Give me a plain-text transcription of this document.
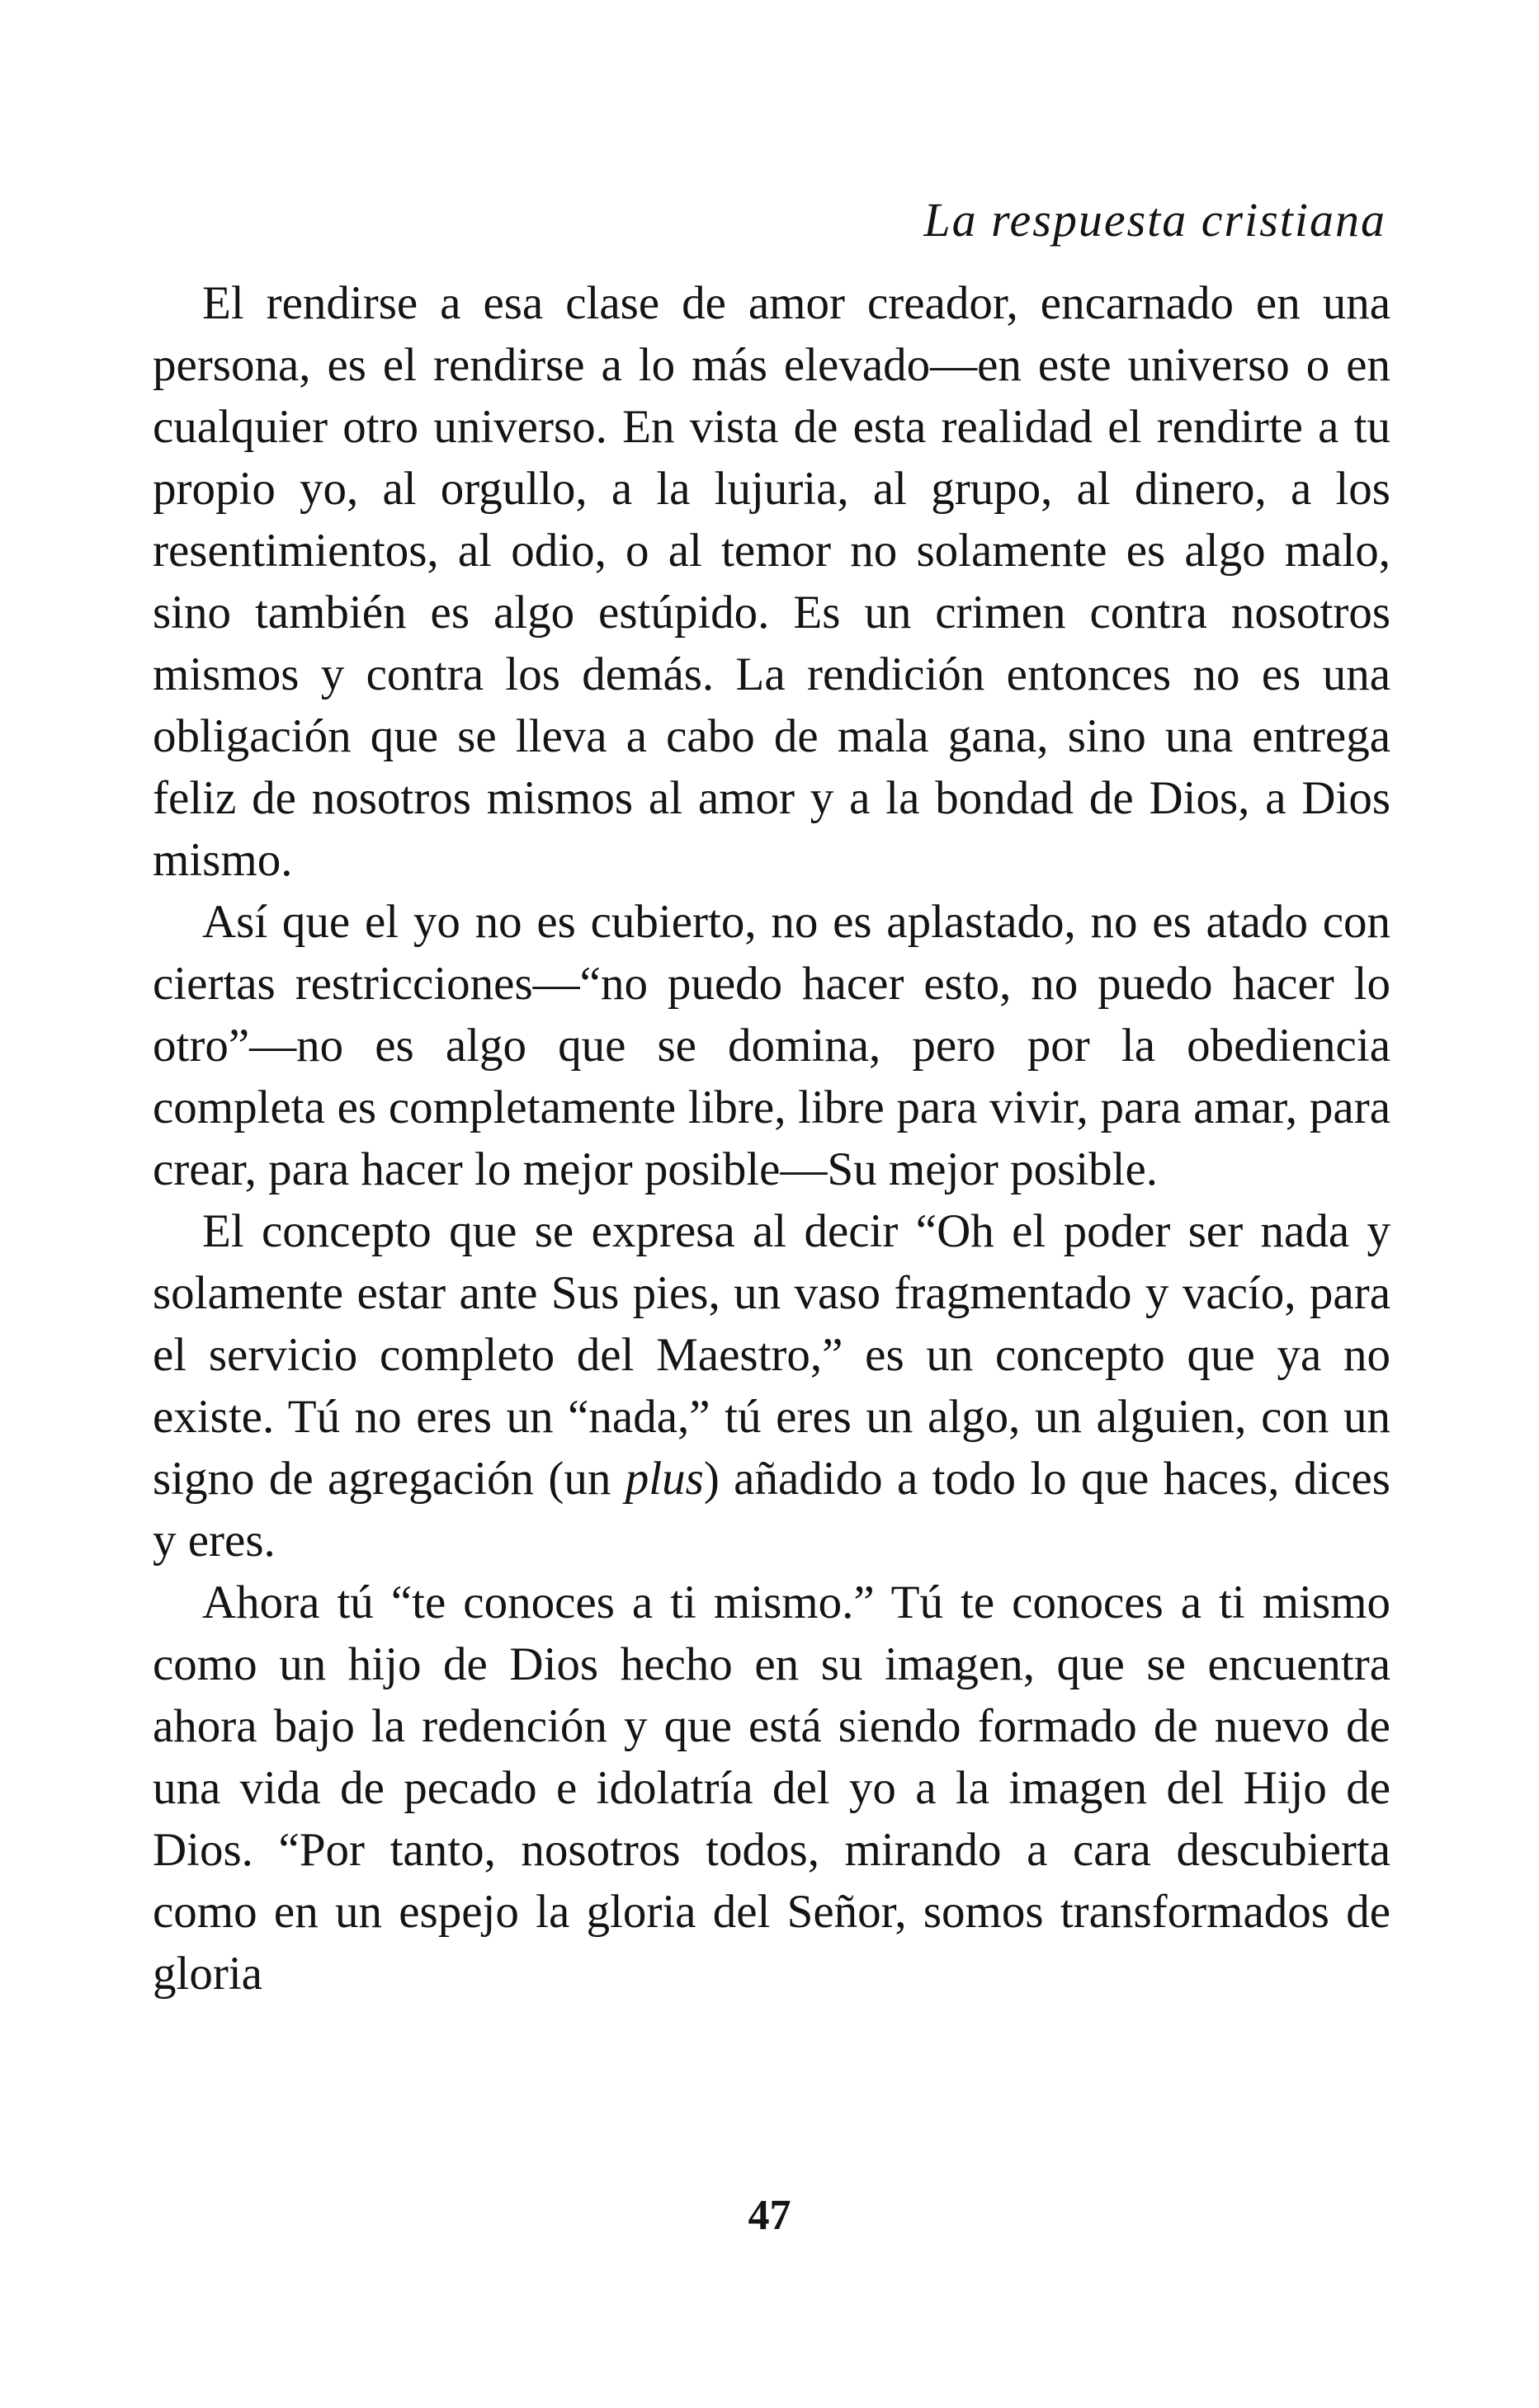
La respuesta cristiana

El rendirse a esa clase de amor creador, encarnado en una persona, es el rendirse a lo más elevado—en este universo o en cualquier otro universo. En vista de esta realidad el rendirte a tu propio yo, al orgullo, a la lujuria, al grupo, al dinero, a los resentimientos, al odio, o al temor no solamente es algo malo, sino también es algo estúpido. Es un crimen contra nosotros mismos y contra los demás. La rendición entonces no es una obligación que se lleva a cabo de mala gana, sino una entrega feliz de nosotros mismos al amor y a la bondad de Dios, a Dios mismo.

Así que el yo no es cubierto, no es aplastado, no es atado con ciertas restricciones—“no puedo hacer esto, no puedo hacer lo otro”—no es algo que se domina, pero por la obediencia completa es completamente libre, libre para vivir, para amar, para crear, para hacer lo mejor posible—Su mejor posible.

El concepto que se expresa al decir “Oh el poder ser nada y solamente estar ante Sus pies, un vaso fragmentado y vacío, para el servicio completo del Maestro,” es un concepto que ya no existe. Tú no eres un “nada,” tú eres un algo, un alguien, con un signo de agregación (un plus) añadido a todo lo que haces, dices y eres.

Ahora tú “te conoces a ti mismo.” Tú te conoces a ti mismo como un hijo de Dios hecho en su imagen, que se encuentra ahora bajo la redención y que está siendo formado de nuevo de una vida de pecado e idolatría del yo a la imagen del Hijo de Dios. “Por tanto, nosotros todos, mirando a cara descubierta como en un espejo la gloria del Señor, somos transformados de gloria

47
